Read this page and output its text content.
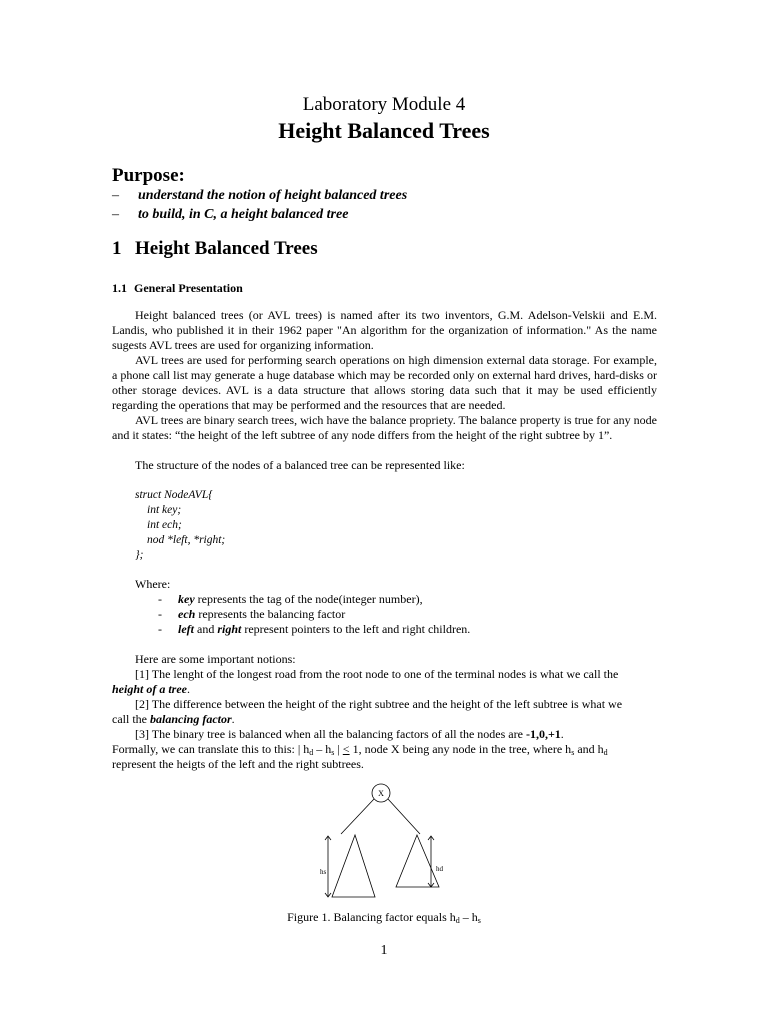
Laboratory Module 4
Height Balanced Trees
Purpose:
– understand the notion of height balanced trees
– to build, in C, a height balanced tree
1 Height Balanced Trees
1.1 General Presentation
Height balanced trees (or AVL trees) is named after its two inventors, G.M. Adelson-Velskii and E.M. Landis, who published it in their 1962 paper "An algorithm for the organization of information." As the name sugests AVL trees are used for organizing information.
AVL trees are used for performing search operations on high dimension external data storage. For example, a phone call list may generate a huge database which may be recorded only on external hard drives, hard-disks or other storage devices. AVL is a data structure that allows storing data such that it may be used efficiently regarding the operations that may be performed and the resources that are needed.
AVL trees are binary search trees, wich have the balance propriety. The balance property is true for any node and it states: “the height of the left subtree of any node differs from the height of the right subtree by 1”.
The structure of the nodes of a balanced tree can be represented like:
struct NodeAVL{
int key;
int ech;
nod *left, *right;
};
Where:
- key represents the tag of the node(integer number),
- ech represents the balancing factor
- left and right represent pointers to the left and right children.
Here are some important notions:
[1] The lenght of the longest road from the root node to one of the terminal nodes is what we call the
height of a tree.
[2] The difference between the height of the right subtree and the height of the left subtree is what we
call the balancing factor.
[3] The binary tree is balanced when all the balancing factors of all the nodes are -1,0,+1.
Formally, we can translate this to this: | $h_d - h_s$ | < 1, node X being any node in the tree, where $h_s$ and $h_d$
represent the heigts of the left and the right subtrees.
X
hs	hd
Figure 1. Balancing factor equals $h_d - h_s$
1
